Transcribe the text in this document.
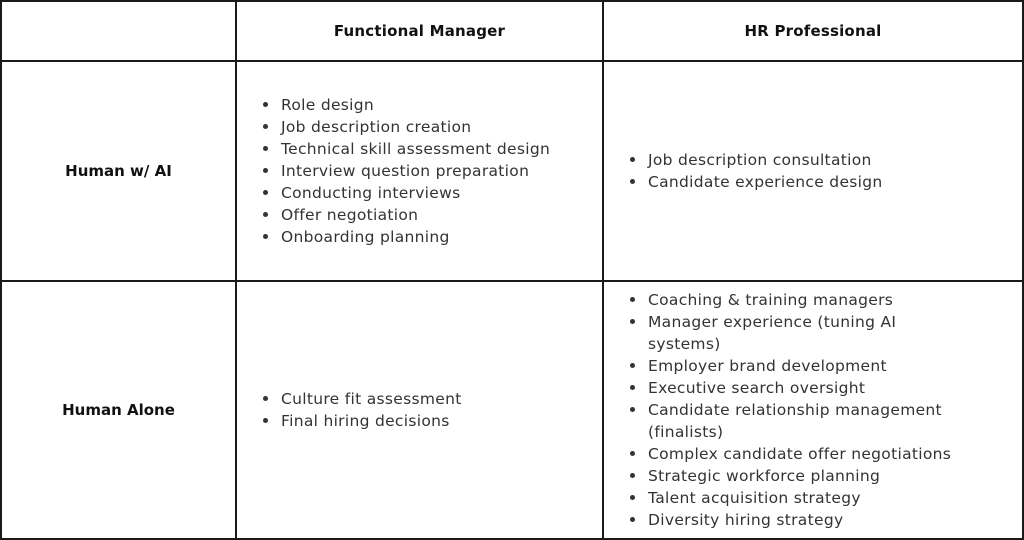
Functional Manager	HR Professional
Human w/ AI
Role design
Job description creation
Technical skill assessment design
Interview question preparation
Conducting interviews
Offer negotiation
Onboarding planning
Job description consultation
Candidate experience design
Human Alone
Culture fit assessment
Final hiring decisions
Coaching & training managers
Manager experience (tuning AI systems)
Employer brand development
Executive search oversight
Candidate relationship management (finalists)
Complex candidate offer negotiations
Strategic workforce planning
Talent acquisition strategy
Diversity hiring strategy
